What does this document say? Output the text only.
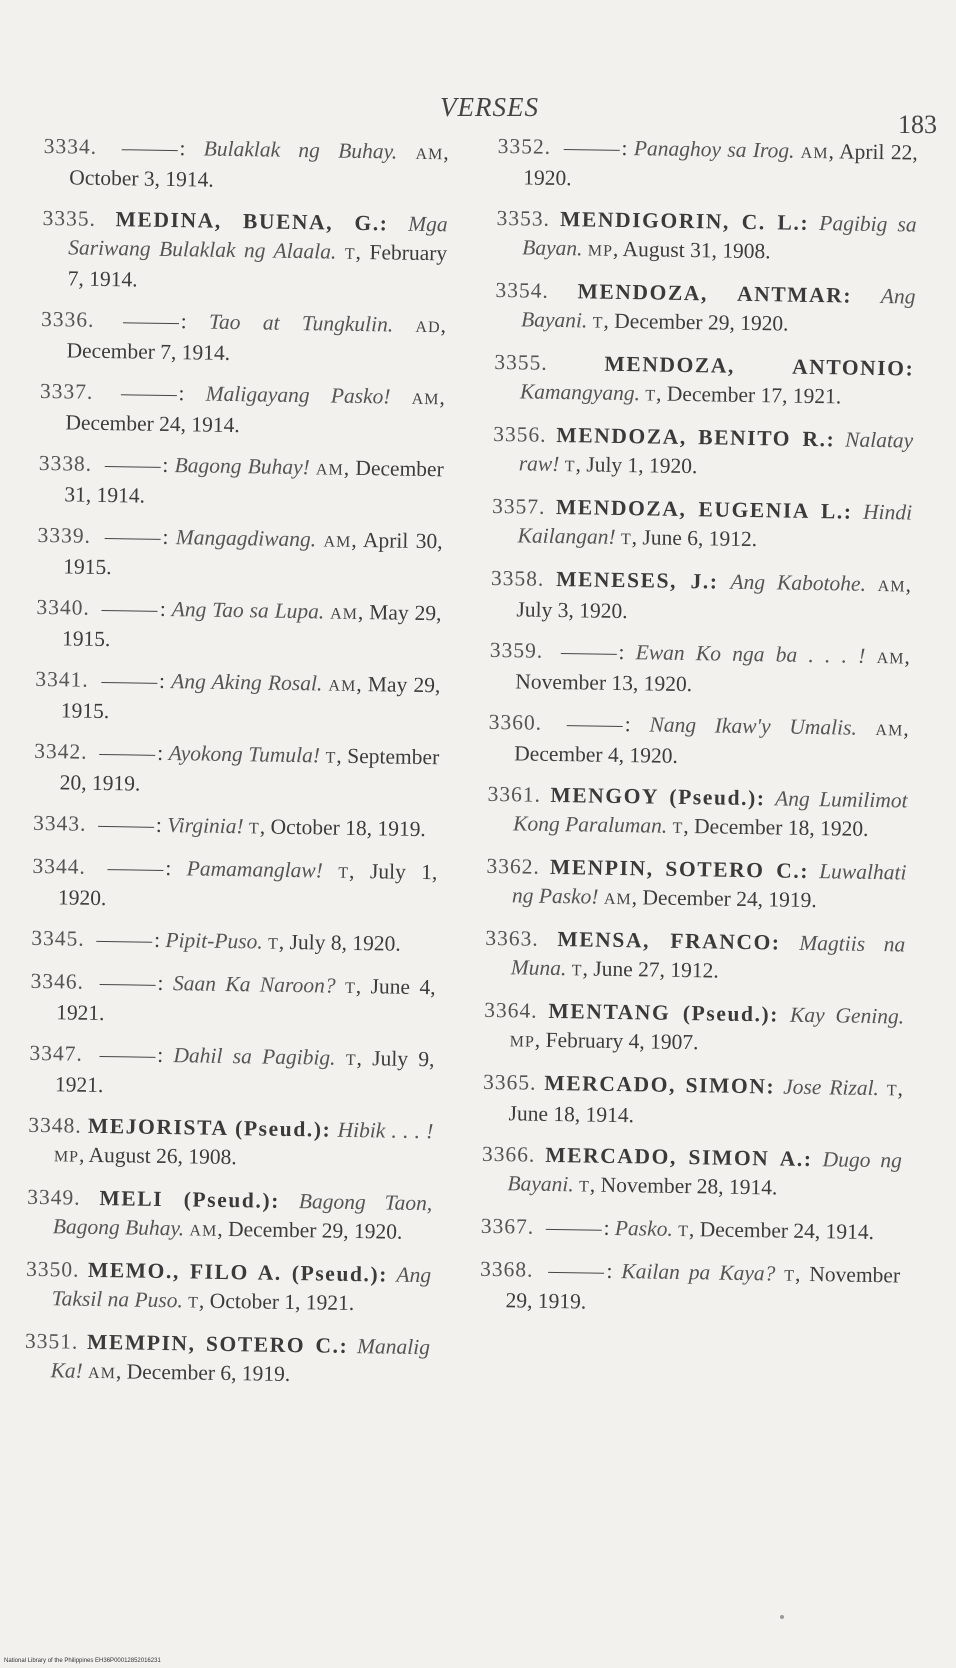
VERSES
183
3334.	: Bulaklak ng Buhay. AM, October 3, 1914.
3335. MEDINA, BUENA, G.: Mga Sariwang Bulaklak ng Alaala. T, February 7, 1914.
3336.	: Tao at Tungkulin. AD, December 7, 1914.
3337.	: Maligayang Pasko! AM, December 24, 1914.
3338.	: Bagong Buhay! AM, December 31, 1914.
3339.	: Mangagdiwang. AM, April 30, 1915.
3340.	: Ang Tao sa Lupa. AM, May 29, 1915.
3341.	: Ang Aking Rosal. AM, May 29, 1915.
3342.	: Ayokong Tumula! T, September 20, 1919.
3343.	: Virginia! T, October 18, 1919.
3344.	: Pamamanglaw! T, July 1, 1920.
3345.	: Pipit-Puso. T, July 8, 1920.
3346.	: Saan Ka Naroon? T, June 4, 1921.
3347.	: Dahil sa Pagibig. T, July 9, 1921.
3348. MEJORISTA (Pseud.): Hibik . . . ! MP, August 26, 1908.
3349. MELI (Pseud.): Bagong Taon, Bagong Buhay. AM, December 29, 1920.
3350. MEMO., FILO A. (Pseud.): Ang Taksil na Puso. T, October 1, 1921.
3351. MEMPIN, SOTERO C.: Manalig Ka! AM, December 6, 1919.
3352.	: Panaghoy sa Irog. AM, April 22, 1920.
3353. MENDIGORIN, C. L.: Pagibig sa Bayan. MP, August 31, 1908.
3354. MENDOZA, ANTMAR: Ang Bayani. T, December 29, 1920.
3355.	MENDOZA, ANTONIO: Kamangyang. T, December 17, 1921.
3356. MENDOZA, BENITO R.: Nalatay raw! T, July 1, 1920.
3357. MENDOZA, EUGENIA L.: Hindi Kailangan! T, June 6, 1912.
3358. MENESES, J.: Ang Kabotohe. AM, July 3, 1920.
3359.	: Ewan Ko nga ba . . . ! AM, November 13, 1920.
3360.	: Nang Ikaw'y Umalis. AM, December 4, 1920.
3361. MENGOY (Pseud.): Ang Lumilimot Kong Paraluman. T, December 18, 1920.
3362. MENPIN, SOTERO C.: Luwalhati ng Pasko! AM, December 24, 1919.
3363. MENSA, FRANCO: Magtiis na Muna. T, June 27, 1912.
3364. MENTANG (Pseud.): Kay Gening. MP, February 4, 1907.
3365. MERCADO, SIMON: Jose Rizal. T, June 18, 1914.
3366. MERCADO, SIMON A.: Dugo ng Bayani. T, November 28, 1914.
3367.	: Pasko. T, December 24, 1914.
3368.	: Kailan pa Kaya? T, November 29, 1919.
National Library of the Philippines EH36P00012852016231
